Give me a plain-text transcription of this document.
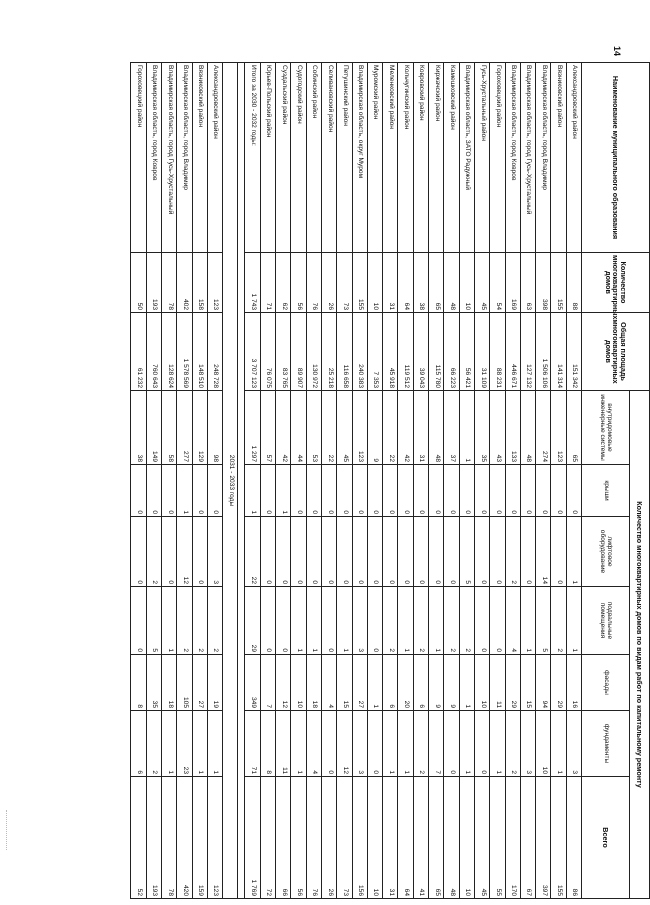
14
Наименование муниципального образования	Количество многоквартирных домов	Общая площадь многоквартирных домов	Количество многоквартирных домов по видам работ по капитальному ремонту						
			внутридомовые инженерные системы	крыши	лифтовое оборудование	подвальные помещения	фасады	фундаменты	Всего
Александровский район	88	151 342	65	0	1	1	16	3	86
Вязниковский район	155	141 314	123	0	0	2	29	1	155
Владимирская область, город Владимир	398	1 506 106	274	0	14	5	94	10	397
Владимирская область, город Гусь-Хрустальный	63	127 132	48	0	0	1	15	3	67
Владимирская область, город Ковров	169	446 671	133	0	2	4	29	2	170
Гороховецкий район	54	88 231	43	0	0	0	11	1	55
Гусь-Хрустальный район	45	31 109	35	0	0	0	10	0	45
Владимирская область, ЗАТО Радужный	10	56 421	1	0	5	2	1	1	10
Камешковский район	48	66 223	37	0	0	2	9	0	48
Киржачский район	65	115 780	48	0	0	1	9	7	65
Ковровский район	38	39 043	31	0	0	2	6	2	41
Кольчугинский район	64	119 512	42	0	0	1	20	1	64
Меленковский район	31	45 918	22	0	0	2	6	1	31
Муромский район	10	7 353	9	0	0	0	1	0	10
Владимирская область, округ Муром	155	240 383	123	0	0	3	27	3	156
Петушинский район	73	116 658	45	0	0	1	15	12	73
Селивановский район	26	25 218	22	0	0	0	4	0	26
Собинский район	76	130 972	53	0	0	1	18	4	76
Судогодский район	56	89 907	44	0	0	1	10	1	56
Суздальский район	62	83 765	42	1	0	0	12	11	66
Юрьев-Польский район	71	76 075	57	0	0	0	7	8	72
Итого за 2030 - 2032 годы:	1 743	3 707 123	1 297	1	22	29	349	71	1 769

2031 - 2033 годы									
Александровский район	123	248 728	98	0	3	2	19	1	123
Вязниковский район	158	148 510	129	0	0	2	27	1	159
Владимирская область, город Владимир	402	1 578 569	277	1	12	2	105	23	420
Владимирская область, город Гусь-Хрустальный	78	128 624	58	0	0	1	18	1	78
Владимирская область, город Ковров	193	760 643	149	0	2	5	35	2	193
Гороховецкий район	50	61 232	38	0	0	0	8	6	52
